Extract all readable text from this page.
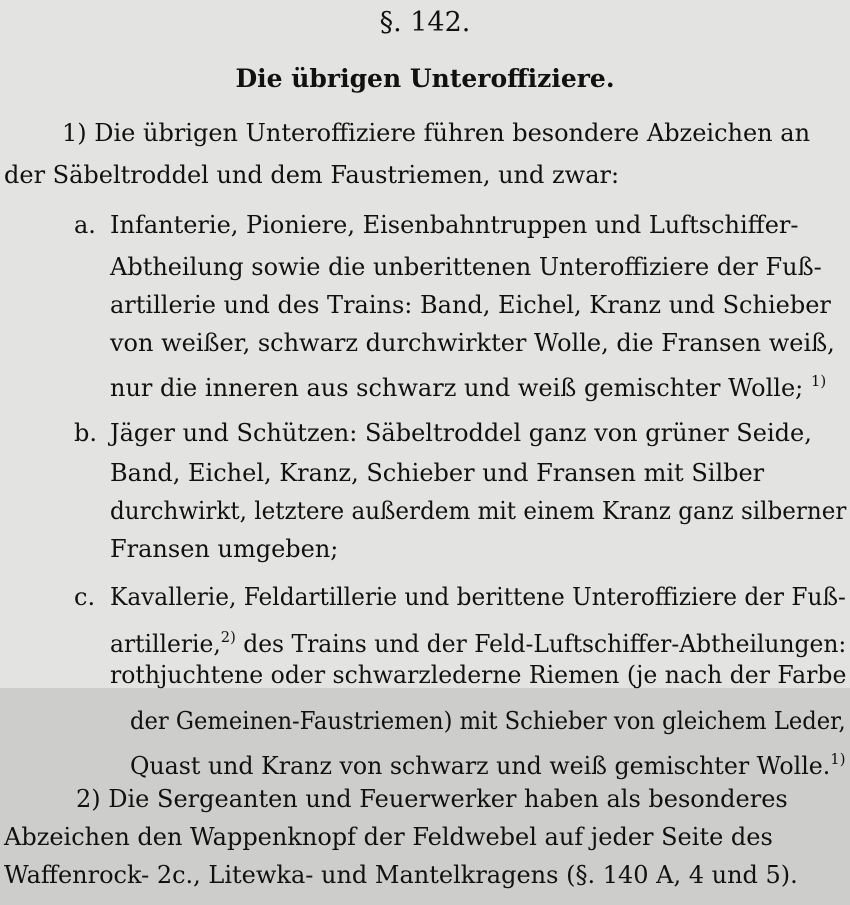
§. 142.
Die übrigen Unteroffiziere.
1) Die übrigen Unteroffiziere führen besondere Abzeichen an
der Säbeltroddel und dem Faustriemen, und zwar:
a. Infanterie, Pioniere, Eisenbahntruppen und Luftschiffer-
Abtheilung sowie die unberittenen Unteroffiziere der Fuß-
artillerie und des Trains: Band, Eichel, Kranz und Schieber
von weißer, schwarz durchwirkter Wolle, die Fransen weiß,
nur die inneren aus schwarz und weiß gemischter Wolle; $^{1)}$
b. Jäger und Schützen: Säbeltroddel ganz von grüner Seide,
Band, Eichel, Kranz, Schieber und Fransen mit Silber
durchwirkt, letztere außerdem mit einem Kranz ganz silberner
Fransen umgeben;
c. Kavallerie, Feldartillerie und berittene Unteroffiziere der Fuß-
artillerie,$^{2)}$ des Trains und der Feld-Luftschiffer-Abtheilungen:
rothjuchtene oder schwarzlederne Riemen (je nach der Farbe
der Gemeinen-Faustriemen) mit Schieber von gleichem Leder,
Quast und Kranz von schwarz und weiß gemischter Wolle.$^{1)}$
2) Die Sergeanten und Feuerwerker haben als besonderes
Abzeichen den Wappenknopf der Feldwebel auf jeder Seite des
Waffenrock- 2c., Litewka- und Mantelkragens (§. 140 A, 4 und 5).
